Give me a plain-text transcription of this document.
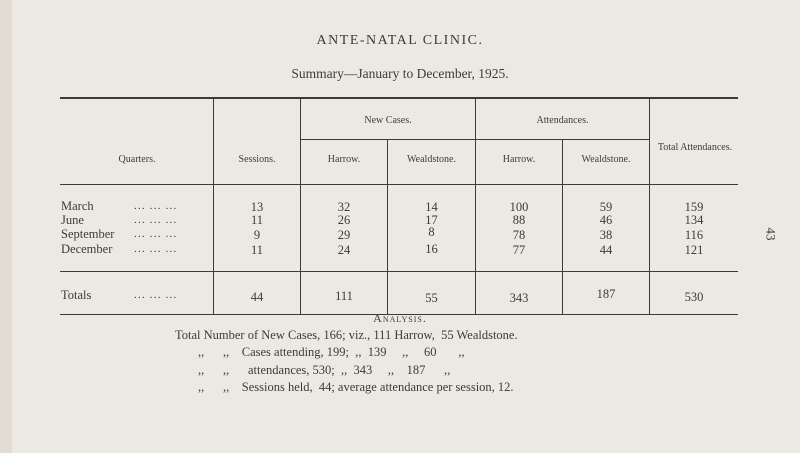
ANTE-NATAL CLINIC.
Summary—January to December, 1925.
43
Quarters.	Sessions.
New Cases.	Attendances.
Total Attendances.
Harrow.	Wealdstone.	Harrow.	Wealdstone.
March	... ... ...	13	32	14	100	59	159
June	... ... ...	11	26	17	88	46	134
September ... ... ...	9	29	8	78	38	116
December ... ... ...	11	24	16	77	44	121
Totals	... ... ...	44	111	55	343	187	530
Analysis.
Total Number of New Cases, 166; viz., 111 Harrow,  55 Wealdstone.
,,      ,,    Cases attending, 199;  ,,  139     ,,     60       ,,
,,      ,,      attendances, 530;  ,,  343     ,,    187      ,,
,,      ,,    Sessions held,  44; average attendance per session, 12.
